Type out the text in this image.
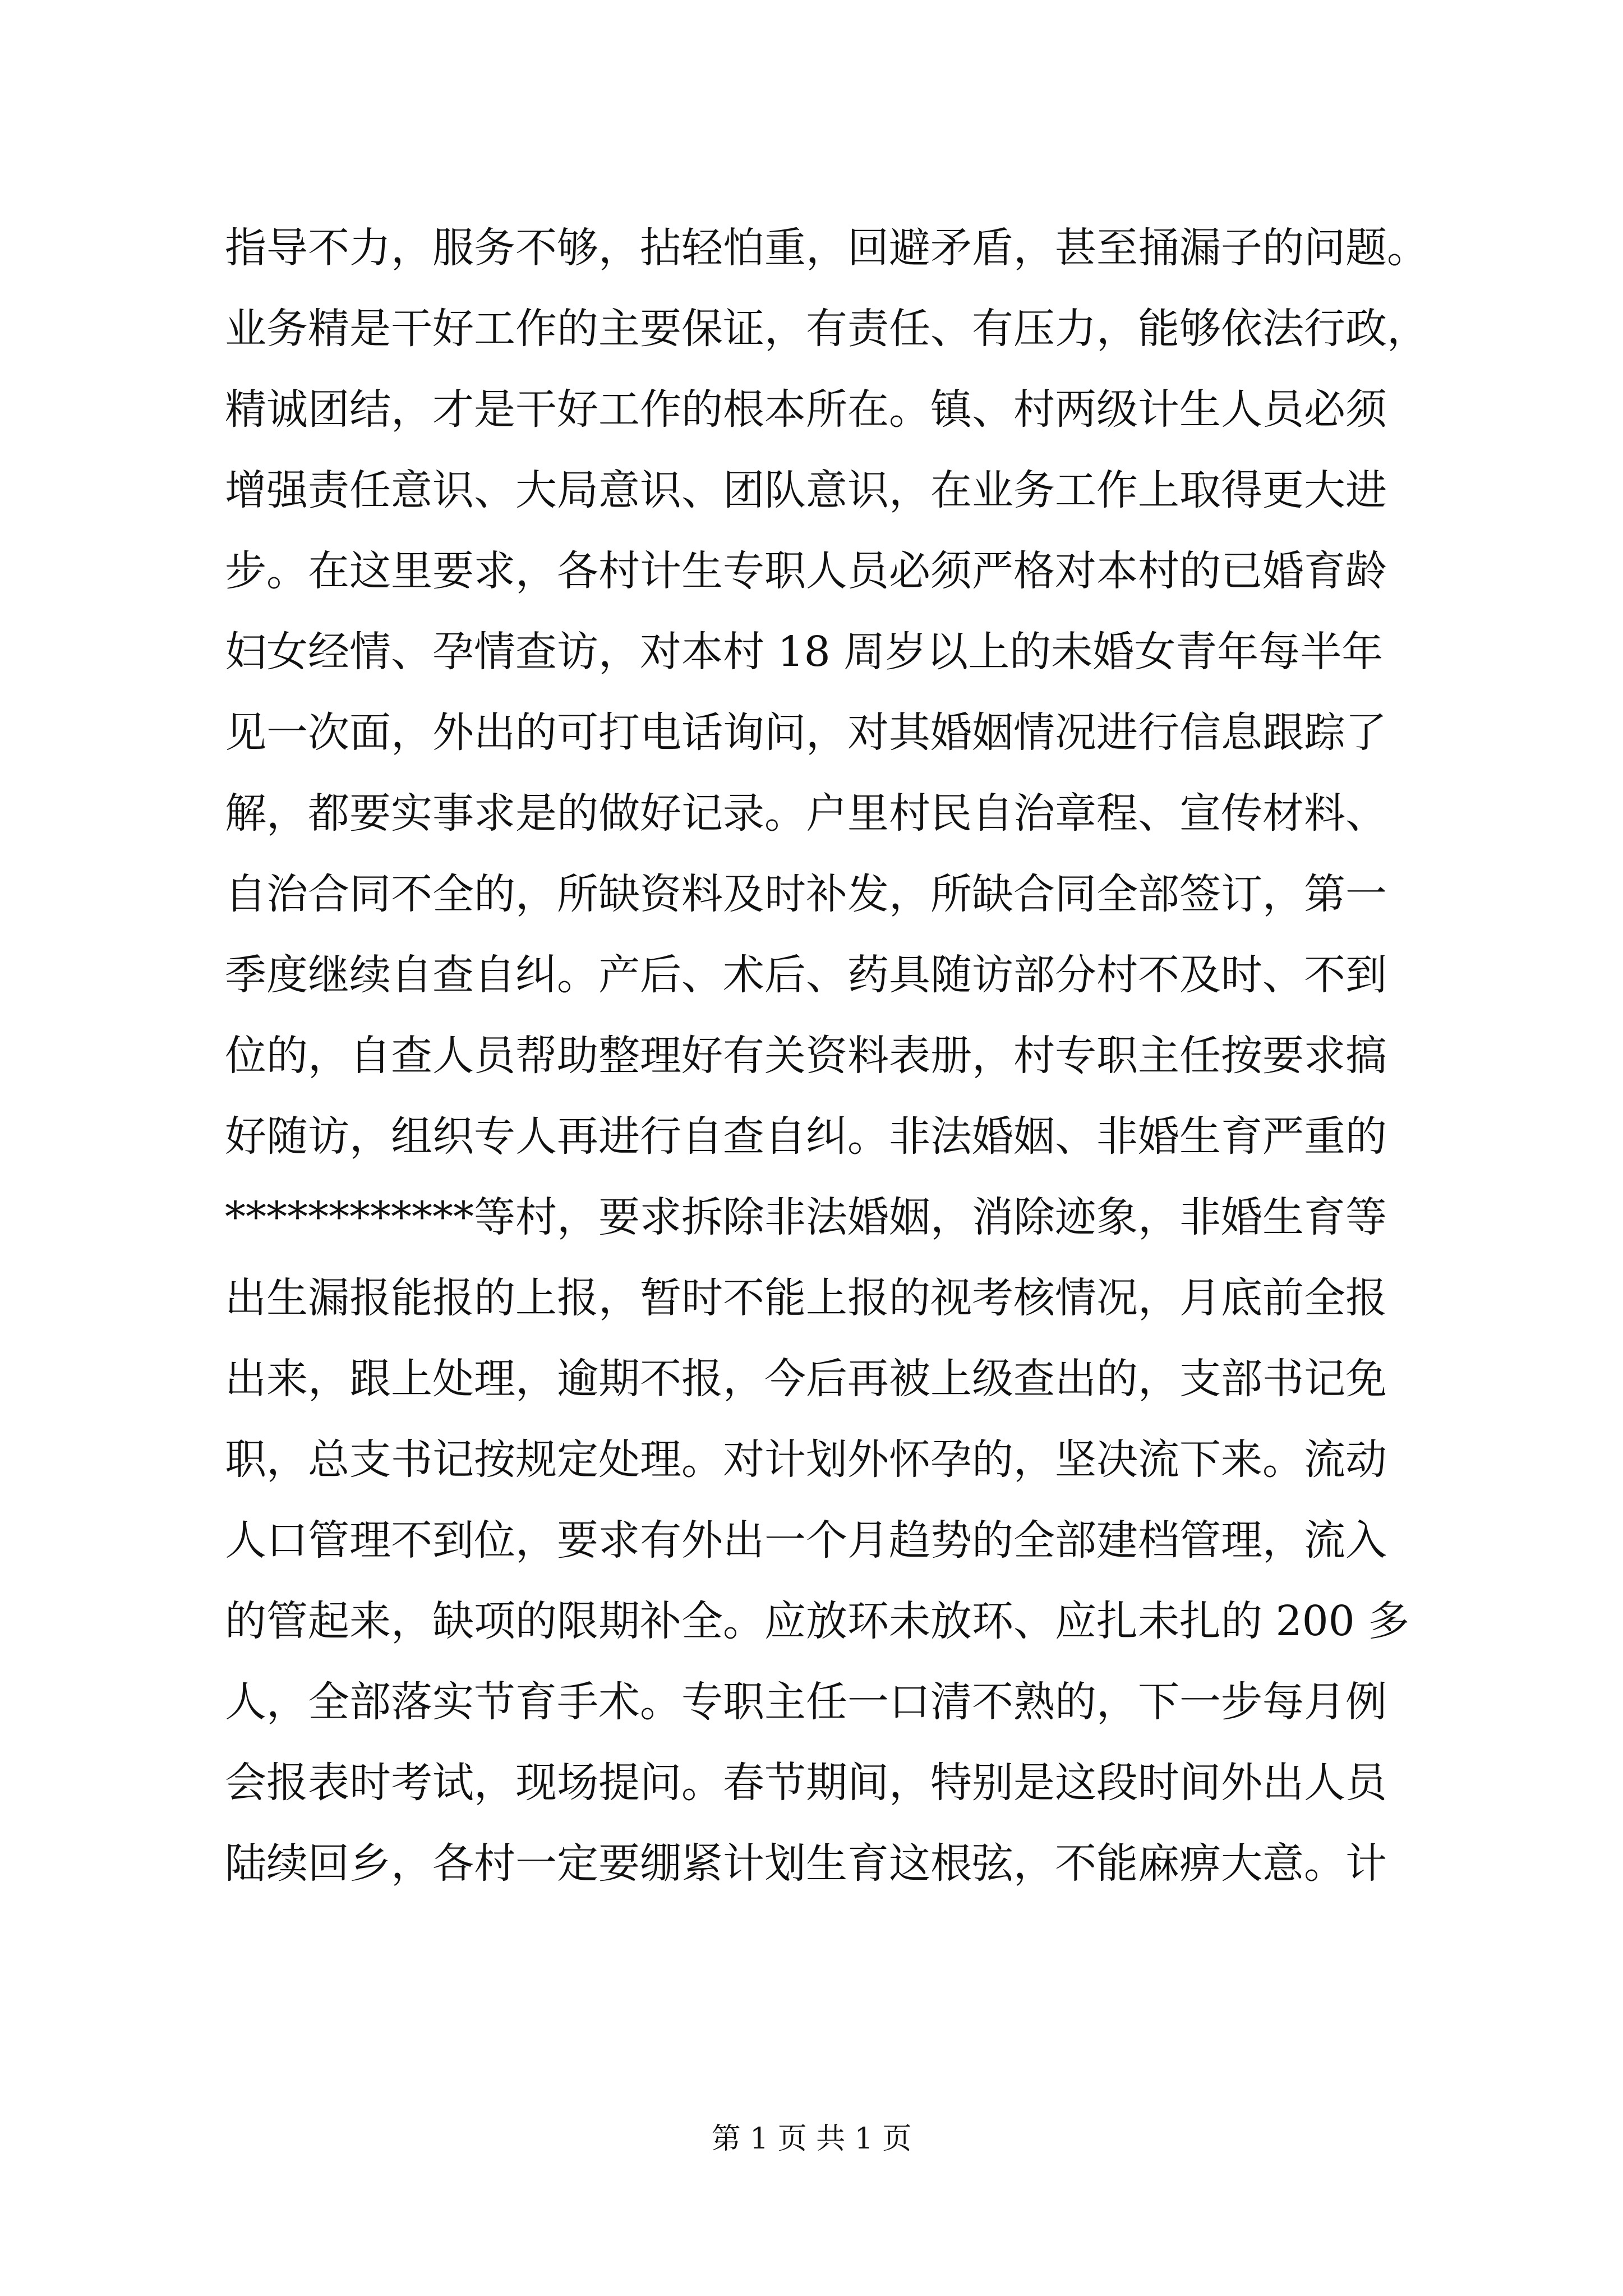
指导不力，服务不够，拈轻怕重，回避矛盾，甚至捅漏子的问题。
业务精是干好工作的主要保证，有责任、有压力，能够依法行政，
精诚团结，才是干好工作的根本所在。镇、村两级计生人员必须
增强责任意识、大局意识、团队意识，在业务工作上取得更大进
步。在这里要求，各村计生专职人员必须严格对本村的已婚育龄
妇女经情、孕情查访，对本村 18 周岁以上的未婚女青年每半年
见一次面，外出的可打电话询问，对其婚姻情况进行信息跟踪了
解，都要实事求是的做好记录。户里村民自治章程、宣传材料、
自治合同不全的，所缺资料及时补发，所缺合同全部签订，第一
季度继续自查自纠。产后、术后、药具随访部分村不及时、不到
位的，自查人员帮助整理好有关资料表册，村专职主任按要求搞
好随访，组织专人再进行自查自纠。非法婚姻、非婚生育严重的
************等村，要求拆除非法婚姻，消除迹象，非婚生育等
出生漏报能报的上报，暂时不能上报的视考核情况，月底前全报
出来，跟上处理，逾期不报，今后再被上级查出的，支部书记免
职，总支书记按规定处理。对计划外怀孕的，坚决流下来。流动
人口管理不到位，要求有外出一个月趋势的全部建档管理，流入
的管起来，缺项的限期补全。应放环未放环、应扎未扎的 200 多
人，全部落实节育手术。专职主任一口清不熟的，下一步每月例
会报表时考试，现场提问。春节期间，特别是这段时间外出人员
陆续回乡，各村一定要绷紧计划生育这根弦，不能麻痹大意。计
第 1 页 共 1 页
